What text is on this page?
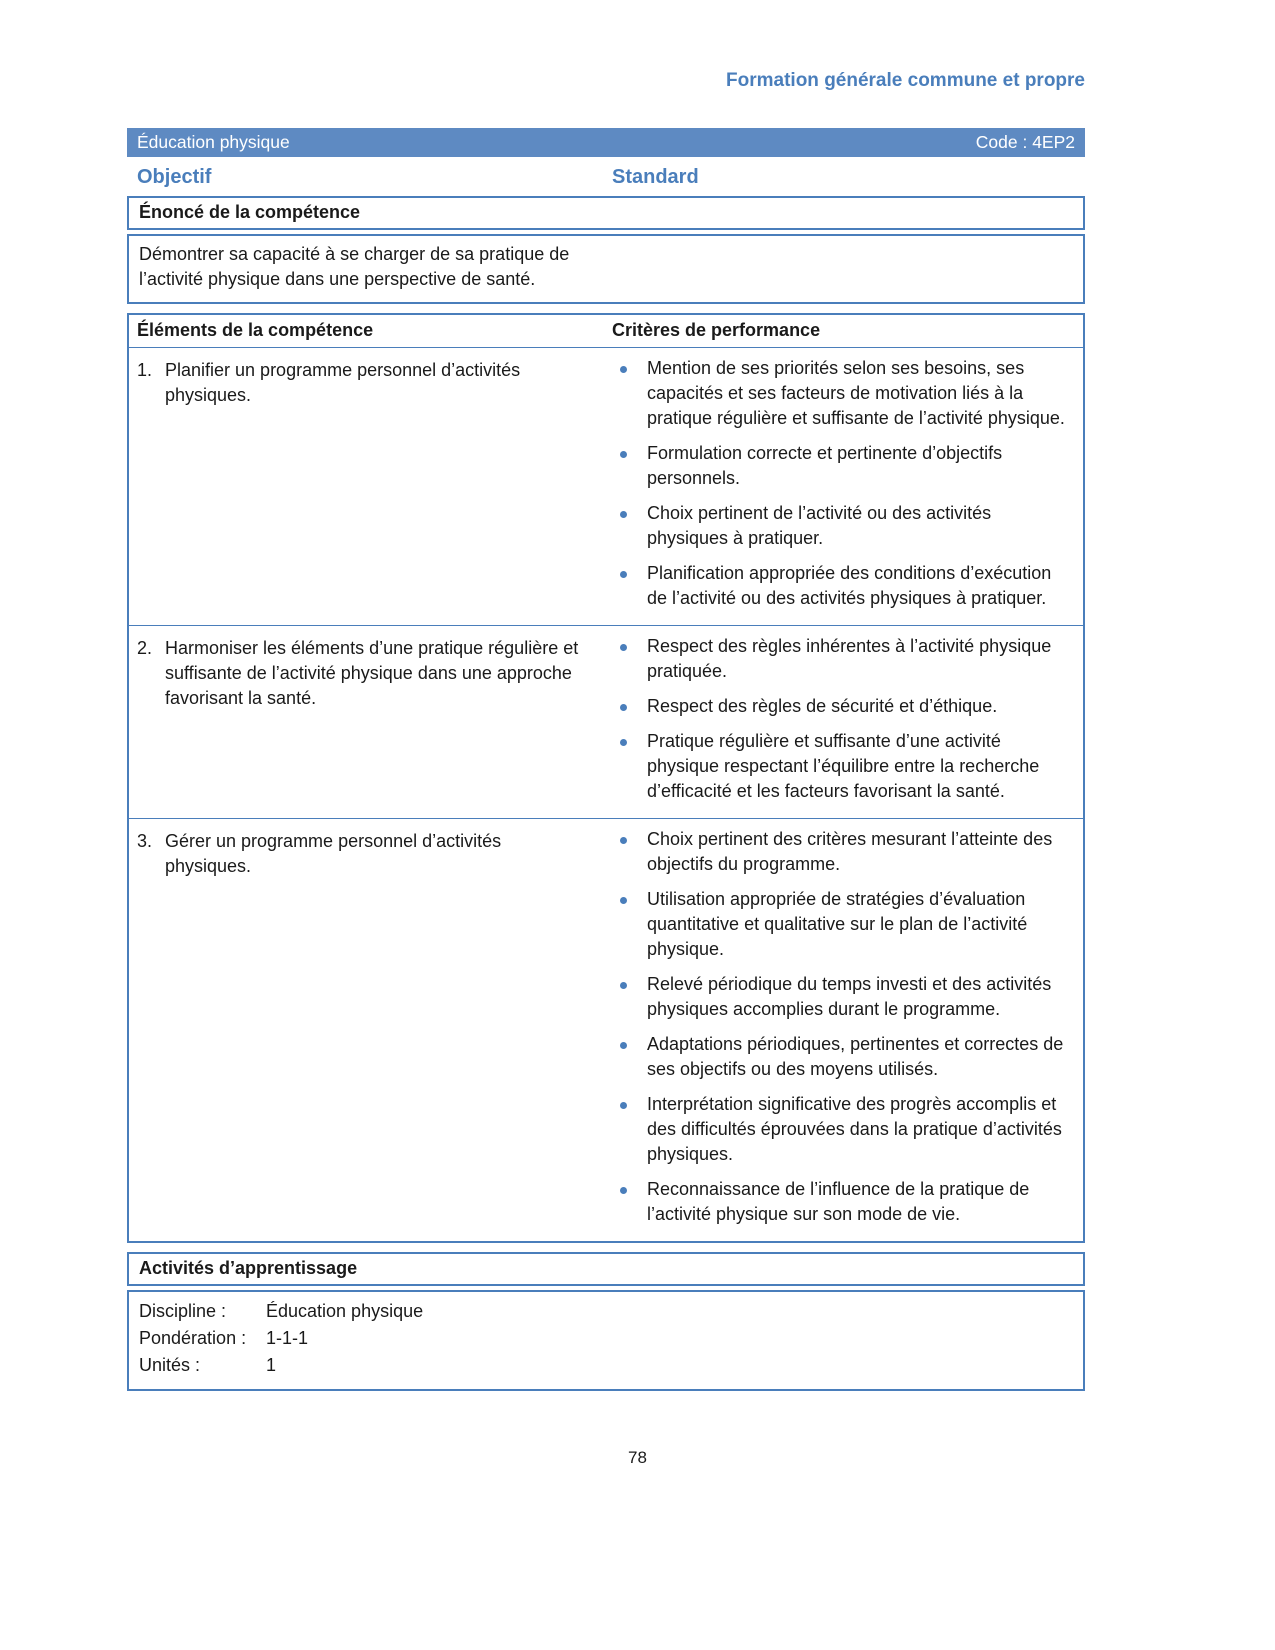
Formation générale commune et propre
Éducation physique	Code : 4EP2
Objectif	Standard
Énoncé de la compétence

Démontrer sa capacité à se charger de sa pratique de l’activité physique dans une perspective de santé.

Éléments de la compétence	Critères de performance
1. Planifier un programme personnel d’activités physiques.
Mention de ses priorités selon ses besoins, ses capacités et ses facteurs de motivation liés à la pratique régulière et suffisante de l’activité physique.
Formulation correcte et pertinente d’objectifs personnels.
Choix pertinent de l’activité ou des activités physiques à pratiquer.
Planification appropriée des conditions d’exécution de l’activité ou des activités physiques à pratiquer.
2. Harmoniser les éléments d’une pratique régulière et suffisante de l’activité physique dans une approche favorisant la santé.
Respect des règles inhérentes à l’activité physique pratiquée.
Respect des règles de sécurité et d’éthique.
Pratique régulière et suffisante d’une activité physique respectant l’équilibre entre la recherche d’efficacité et les facteurs favorisant la santé.
3. Gérer un programme personnel d’activités physiques.
Choix pertinent des critères mesurant l’atteinte des objectifs du programme.
Utilisation appropriée de stratégies d’évaluation quantitative et qualitative sur le plan de l’activité physique.
Relevé périodique du temps investi et des activités physiques accomplies durant le programme.
Adaptations périodiques, pertinentes et correctes de ses objectifs ou des moyens utilisés.
Interprétation significative des progrès accomplis et des difficultés éprouvées dans la pratique d’activités physiques.
Reconnaissance de l’influence de la pratique de l’activité physique sur son mode de vie.
Activités d’apprentissage
Discipline :	Éducation physique
Pondération :	1-1-1
Unités :	1
78
